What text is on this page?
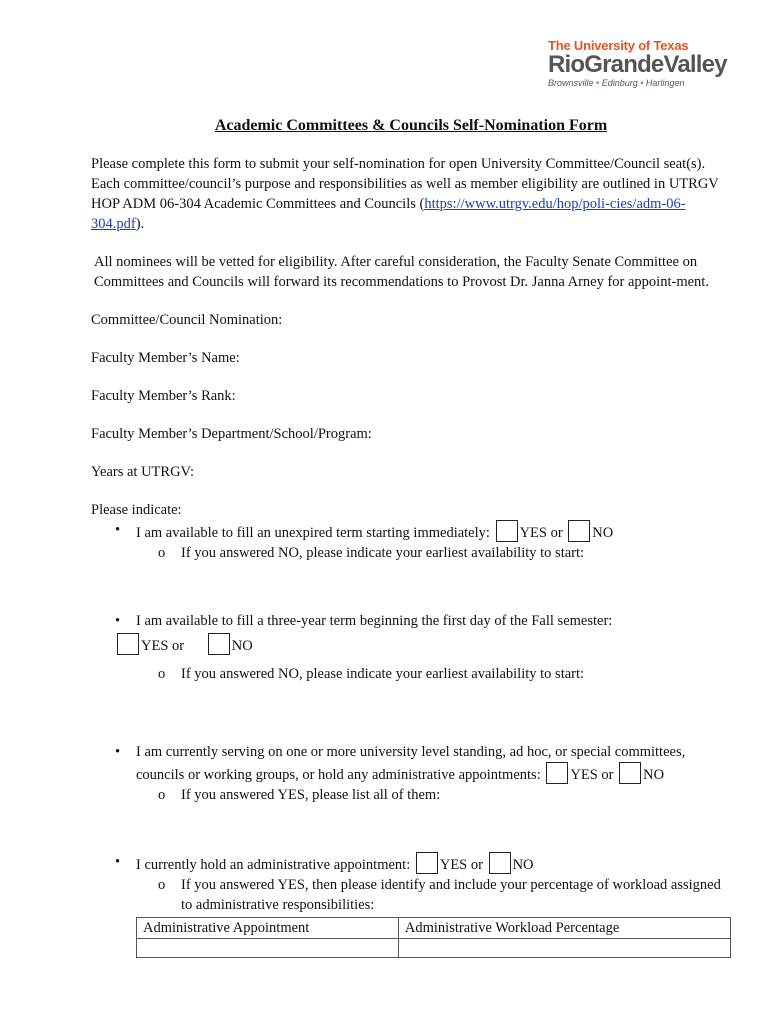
The University of Texas
RioGrandeValley
Brownsville • Edinburg • Harlingen
Academic Committees & Councils Self-Nomination Form

Please complete this form to submit your self-nomination for open University Committee/Council seat(s). Each committee/council’s purpose and responsibilities as well as member eligibility are outlined in UTRGV HOP ADM 06-304 Academic Committees and Councils (https://www.utrgv.edu/hop/poli-cies/adm-06-304.pdf).

All nominees will be vetted for eligibility. After careful consideration, the Faculty Senate Committee on Committees and Councils will forward its recommendations to Provost Dr. Janna Arney for appoint-ment.

Committee/Council Nomination:

Faculty Member’s Name:

Faculty Member’s Rank:

Faculty Member’s Department/School/Program:

Years at UTRGV:

Please indicate:

• I am available to fill an unexpired term starting immediately: YES or NO
o If you answered NO, please indicate your earliest availability to start:
• I am available to fill a three-year term beginning the first day of the Fall semester:
YES or	NO
o If you answered NO, please indicate your earliest availability to start:
• I am currently serving on one or more university level standing, ad hoc, or special committees, councils or working groups, or hold any administrative appointments: YES or NO
o If you answered YES, please list all of them:
• I currently hold an administrative appointment: YES or NO
o If you answered YES, then please identify and include your percentage of workload assigned to administrative responsibilities:
Administrative Appointment	Administrative Workload Percentage
